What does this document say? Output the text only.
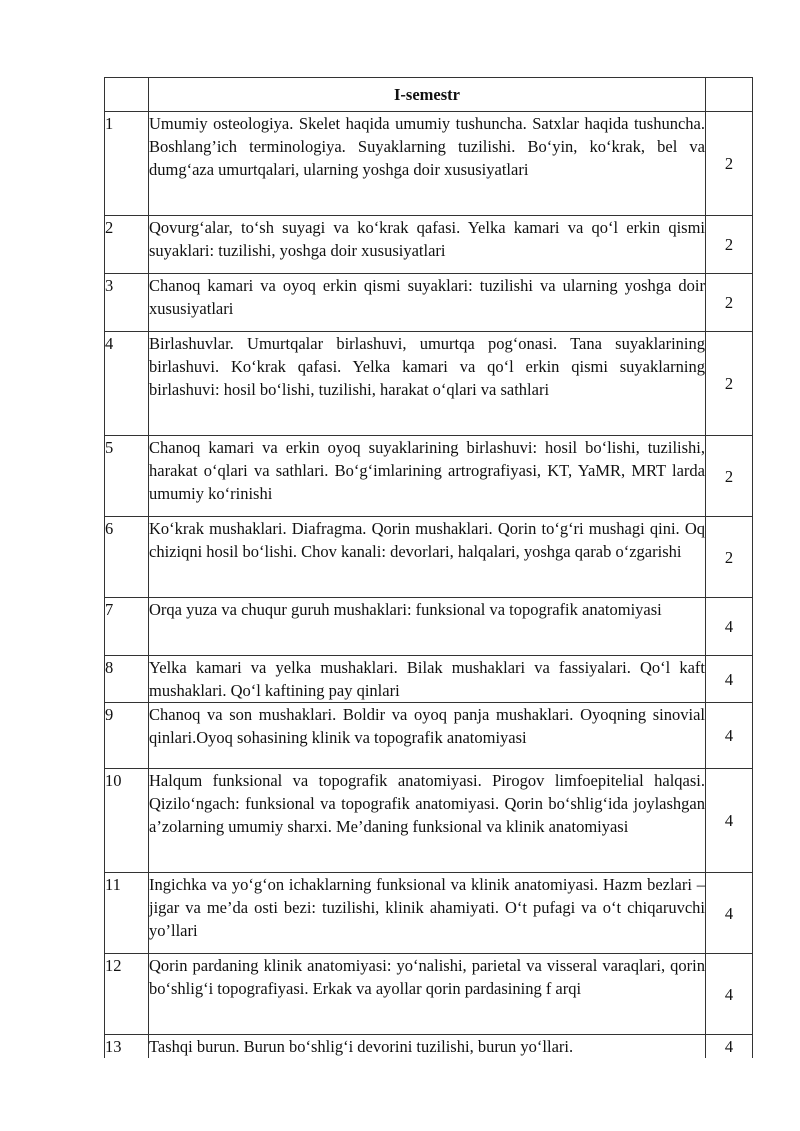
	I-semestr	
1	Umumiy osteologiya. Skelet haqida umumiy tushuncha. Satxlar haqida tushuncha. Boshlang’ich terminologiya. Suyaklarning tuzilishi. Bo‘yin, ko‘krak, bel va dumg‘aza umurtqalari, ularning yoshga doir xususiyatlari	2
2	Qovurg‘alar, to‘sh suyagi va ko‘krak qafasi. Yelka kamari va qo‘l erkin qismi suyaklari: tuzilishi, yoshga doir xususiyatlari	2
3	Chanoq kamari va oyoq erkin qismi suyaklari: tuzilishi va ularning yoshga doir xususiyatlari	2
4	Birlashuvlar. Umurtqalar birlashuvi, umurtqa pog‘onasi. Tana suyaklarining birlashuvi. Ko‘krak qafasi. Yelka kamari va qo‘l erkin qismi suyaklarning birlashuvi: hosil bo‘lishi, tuzilishi, harakat o‘qlari va sathlari	2
5	Chanoq kamari va erkin oyoq suyaklarining birlashuvi: hosil bo‘lishi, tuzilishi, harakat o‘qlari va sathlari. Bo‘g‘imlarining artrografiyasi, KT, YaMR, MRT larda umumiy ko‘rinishi	2
6	Ko‘krak mushaklari. Diafragma. Qorin mushaklari. Qorin to‘g‘ri mushagi qini. Oq chiziqni hosil bo‘lishi. Chov kanali: devorlari, halqalari, yoshga qarab o‘zgarishi	2
7	Orqa yuza va chuqur guruh mushaklari: funksional va topografik anatomiyasi	4
8	Yelka kamari va yelka mushaklari. Bilak mushaklari va fassiyalari. Qo‘l kaft mushaklari. Qo‘l kaftining pay qinlari	4
9	Chanoq va son mushaklari. Boldir va oyoq panja mushaklari. Oyoqning sinovial qinlari.Oyoq sohasining klinik va topografik anatomiyasi	4
10	Halqum funksional va topografik anatomiyasi. Pirogov limfoepitelial halqasi. Qizilo‘ngach: funksional va topografik anatomiyasi. Qorin bo‘shlig‘ida joylashgan a’zolarning umumiy sharxi. Me’daning funksional va klinik anatomiyasi	4
11	Ingichka va yo‘g‘on ichaklarning funksional va klinik anatomiyasi. Hazm bezlari – jigar va me’da osti bezi: tuzilishi, klinik ahamiyati. O‘t pufagi va o‘t chiqaruvchi yo’llari	4
12	Qorin pardaning klinik anatomiyasi: yo‘nalishi, parietal va visseral varaqlari, qorin bo‘shlig‘i topografiyasi. Erkak va ayollar qorin pardasining f arqi	4
13	Tashqi burun. Burun bo‘shlig‘i devorini tuzilishi, burun yo‘llari.	4
